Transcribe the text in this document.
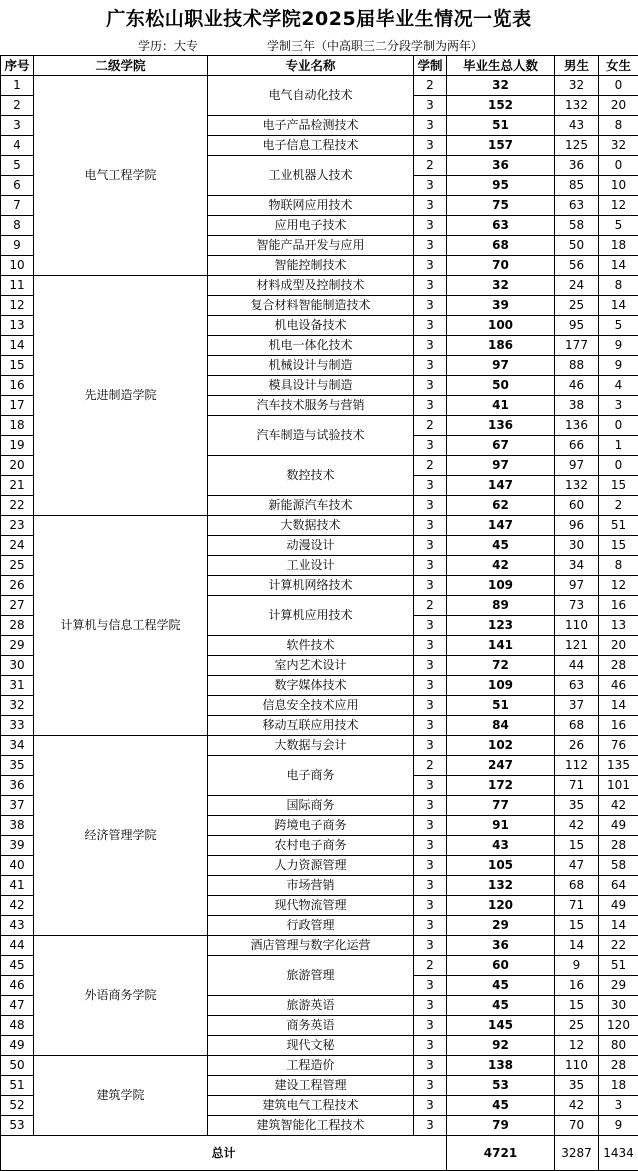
广东松山职业技术学院2025届毕业生情况一览表
学历：大专	学制三年（中高职三二分段学制为两年）
序号	二级学院	专业名称	学制	毕业生总人数	男生	女生
1	电气工程学院	电气自动化技术	2	32	32	0
2			3	152	132	20
3		电子产品检测技术	3	51	43	8
4		电子信息工程技术	3	157	125	32
5		工业机器人技术	2	36	36	0
6			3	95	85	10
7		物联网应用技术	3	75	63	12
8		应用电子技术	3	63	58	5
9		智能产品开发与应用	3	68	50	18
10		智能控制技术	3	70	56	14
11	先进制造学院	材料成型及控制技术	3	32	24	8
12		复合材料智能制造技术	3	39	25	14
13		机电设备技术	3	100	95	5
14		机电一体化技术	3	186	177	9
15		机械设计与制造	3	97	88	9
16		模具设计与制造	3	50	46	4
17		汽车技术服务与营销	3	41	38	3
18		汽车制造与试验技术	2	136	136	0
19			3	67	66	1
20		数控技术	2	97	97	0
21			3	147	132	15
22		新能源汽车技术	3	62	60	2
23	计算机与信息工程学院	大数据技术	3	147	96	51
24		动漫设计	3	45	30	15
25		工业设计	3	42	34	8
26		计算机网络技术	3	109	97	12
27		计算机应用技术	2	89	73	16
28			3	123	110	13
29		软件技术	3	141	121	20
30		室内艺术设计	3	72	44	28
31		数字媒体技术	3	109	63	46
32		信息安全技术应用	3	51	37	14
33		移动互联应用技术	3	84	68	16
34	经济管理学院	大数据与会计	3	102	26	76
35		电子商务	2	247	112	135
36			3	172	71	101
37		国际商务	3	77	35	42
38		跨境电子商务	3	91	42	49
39		农村电子商务	3	43	15	28
40		人力资源管理	3	105	47	58
41		市场营销	3	132	68	64
42		现代物流管理	3	120	71	49
43		行政管理	3	29	15	14
44	外语商务学院	酒店管理与数字化运营	3	36	14	22
45		旅游管理	2	60	9	51
46			3	45	16	29
47		旅游英语	3	45	15	30
48		商务英语	3	145	25	120
49		现代文秘	3	92	12	80
50	建筑学院	工程造价	3	138	110	28
51		建设工程管理	3	53	35	18
52		建筑电气工程技术	3	45	42	3
53		建筑智能化工程技术	3	79	70	9
总计				4721	3287	1434
